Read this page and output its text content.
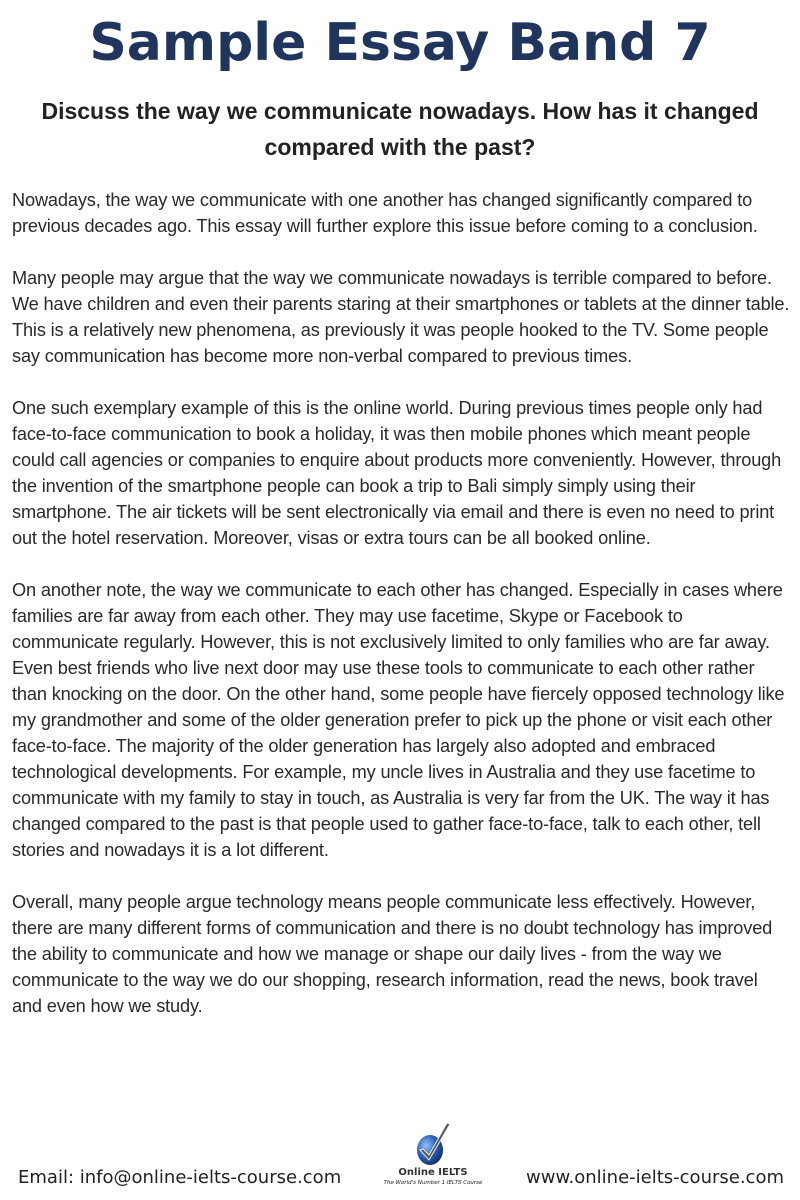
Sample Essay Band 7
Discuss the way we communicate nowadays. How has it changed compared with the past?

Nowadays, the way we communicate with one another has changed significantly compared to previous decades ago. This essay will further explore this issue before coming to a conclusion.

Many people may argue that the way we communicate nowadays is terrible compared to before. We have children and even their parents staring at their smartphones or tablets at the dinner table. This is a relatively new phenomena, as previously it was people hooked to the TV. Some people say communication has become more non-verbal compared to previous times.

One such exemplary example of this is the online world. During previous times people only had face-to-face communication to book a holiday, it was then mobile phones which meant people could call agencies or companies to enquire about products more conveniently. However, through the invention of the smartphone people can book a trip to Bali simply simply using their smartphone. The air tickets will be sent electronically via email and there is even no need to print out the hotel reservation. Moreover, visas or extra tours can be all booked online.

On another note, the way we communicate to each other has changed. Especially in cases where families are far away from each other. They may use facetime, Skype or Facebook to communicate regularly. However, this is not exclusively limited to only families who are far away. Even best friends who live next door may use these tools to communicate to each other rather than knocking on the door. On the other hand, some people have fiercely opposed technology like my grandmother and some of the older generation prefer to pick up the phone or visit each other face-to-face. The majority of the older generation has largely also adopted and embraced technological developments. For example, my uncle lives in Australia and they use facetime to communicate with my family to stay in touch, as Australia is very far from the UK. The way it has changed compared to the past is that people used to gather face-to-face, talk to each other, tell stories and nowadays it is a lot different.

Overall, many people argue technology means people communicate less effectively. However, there are many different forms of communication and there is no doubt technology has improved the ability to communicate and how we manage or shape our daily lives - from the way we communicate to the way we do our shopping, research information, read the news, book travel and even how we study.

Email: info@online-ielts-course.com	Online IELTS
The World's Number 1 IELTS Course	www.online-ielts-course.com
